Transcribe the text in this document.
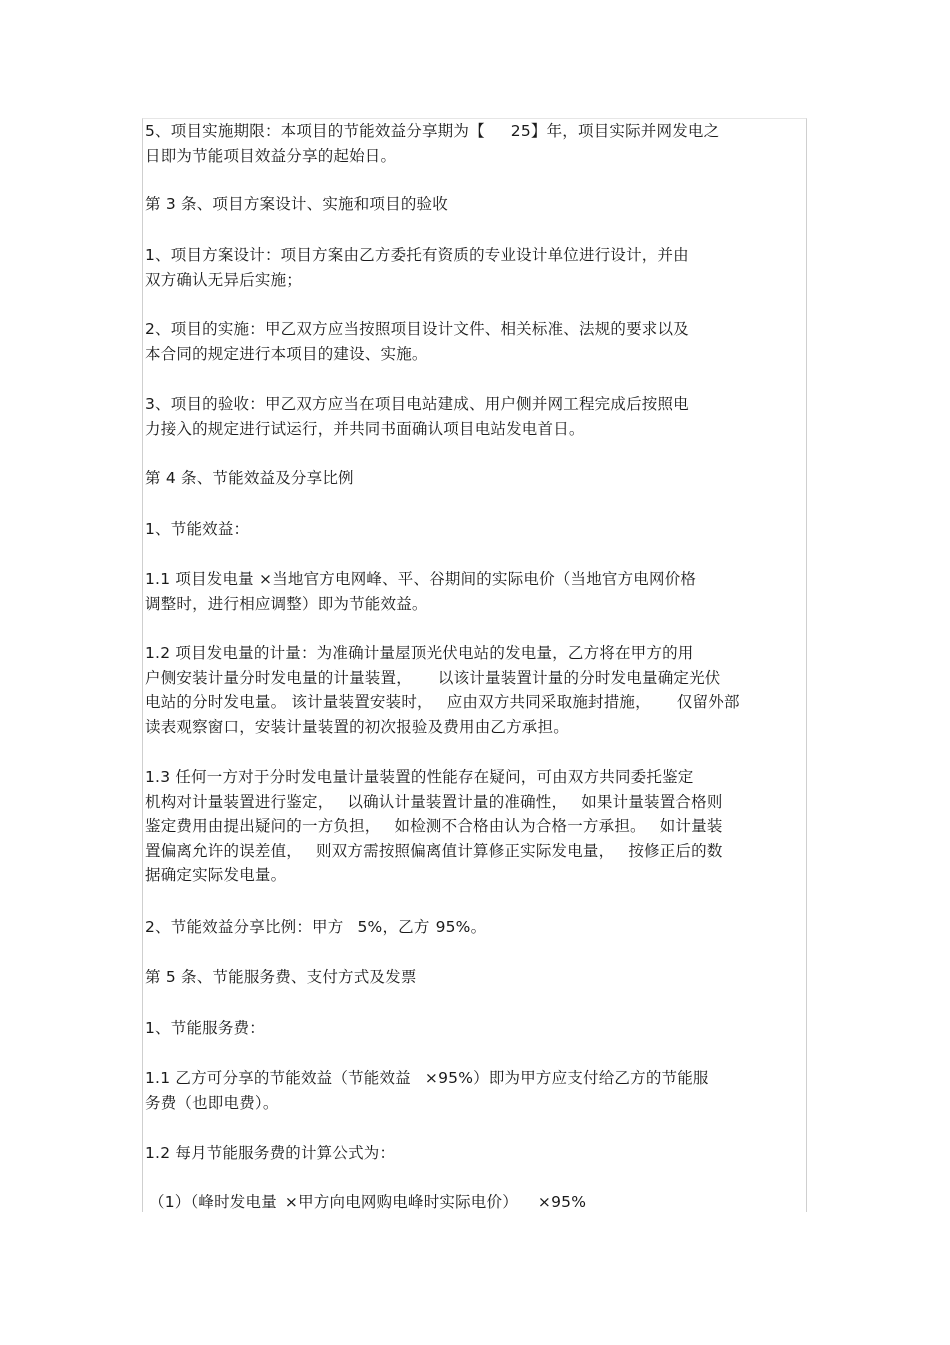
5、项目实施期限：本项目的节能效益分享期为【 25】年，项目实际并网发电之
日即为节能项目效益分享的起始日。
第 3 条、项目方案设计、实施和项目的验收
1、项目方案设计：项目方案由乙方委托有资质的专业设计单位进行设计，并由
双方确认无异后实施；
2、项目的实施：甲乙双方应当按照项目设计文件、相关标准、法规的要求以及
本合同的规定进行本项目的建设、实施。
3、项目的验收：甲乙双方应当在项目电站建成、用户侧并网工程完成后按照电
力接入的规定进行试运行，并共同书面确认项目电站发电首日。
第 4 条、节能效益及分享比例
1、节能效益：
1.1 项目发电量 ×当地官方电网峰、平、谷期间的实际电价（当地官方电网价格
调整时，进行相应调整）即为节能效益。
1.2 项目发电量的计量：为准确计量屋顶光伏电站的发电量，乙方将在甲方的用
户侧安装计量分时发电量的计量装置， 以该计量装置计量的分时发电量确定光伏
电站的分时发电量。 该计量装置安装时， 应由双方共同采取施封措施， 仅留外部
读表观察窗口，安装计量装置的初次报验及费用由乙方承担。
1.3 任何一方对于分时发电量计量装置的性能存在疑问，可由双方共同委托鉴定
机构对计量装置进行鉴定， 以确认计量装置计量的准确性， 如果计量装置合格则
鉴定费用由提出疑问的一方负担， 如检测不合格由认为合格一方承担。 如计量装
置偏离允许的误差值， 则双方需按照偏离值计算修正实际发电量， 按修正后的数
据确定实际发电量。
2、节能效益分享比例：甲方 5%，乙方 95%。
第 5 条、节能服务费、支付方式及发票
1、节能服务费：
1.1 乙方可分享的节能效益（节能效益 ×95%）即为甲方应支付给乙方的节能服
务费（也即电费）。
1.2 每月节能服务费的计算公式为：
（1）（峰时发电量 ×甲方向电网购电峰时实际电价） ×95%
